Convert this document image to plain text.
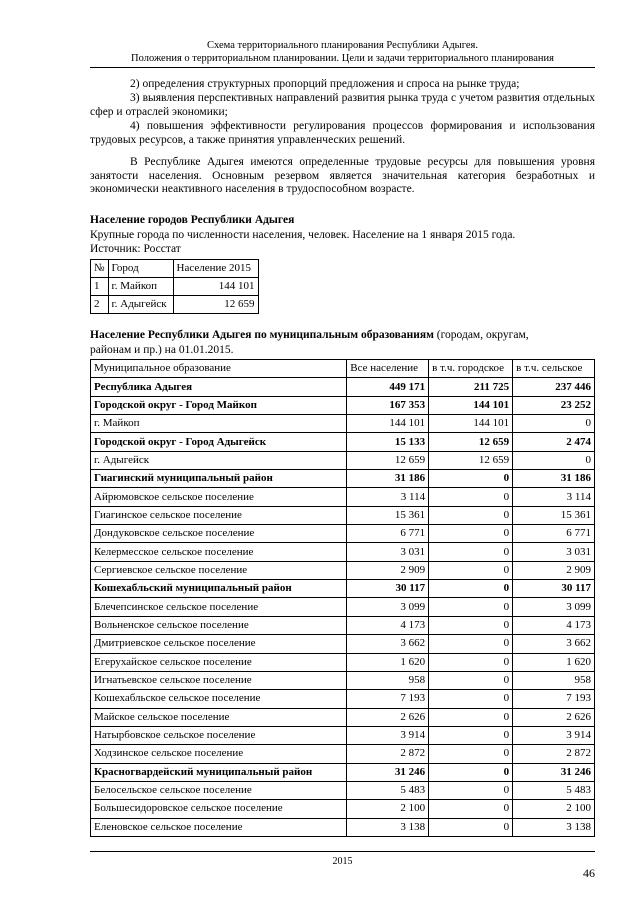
Схема территориального планирования Республики Адыгея.
Положения о территориальном планировании. Цели и задачи территориального планирования
2) определения структурных пропорций предложения и спроса на рынке труда;
3) выявления перспективных направлений развития рынка труда с учетом развития отдельных сфер и отраслей экономики;
4) повышения эффективности регулирования процессов формирования и использования трудовых ресурсов, а также принятия управленческих решений.
В Республике Адыгея имеются определенные трудовые ресурсы для повышения уровня занятости населения. Основным резервом является значительная категория безработных и экономически неактивного населения в трудоспособном возрасте.
Население городов Республики Адыгея
Крупные города по численности населения, человек. Население на 1 января 2015 года.
Источник: Росстат
№	Город	Население 2015
1	г. Майкоп	144 101
2	г. Адыгейск	12 659
Население Республики Адыгея по муниципальным образованиям (городам, округам,
районам и пр.) на 01.01.2015.
Муниципальное образование	Все население	в т.ч. городское	в т.ч. сельское
Республика Адыгея	449 171	211 725	237 446
Городской округ - Город Майкоп	167 353	144 101	23 252
г. Майкоп	144 101	144 101	0
Городской округ - Город Адыгейск	15 133	12 659	2 474
г. Адыгейск	12 659	12 659	0
Гиагинский муниципальный район	31 186	0	31 186
Айрюмовское сельское поселение	3 114	0	3 114
Гиагинское сельское поселение	15 361	0	15 361
Дондуковское сельское поселение	6 771	0	6 771
Келермесское сельское поселение	3 031	0	3 031
Сергиевское сельское поселение	2 909	0	2 909
Кошехабльский муниципальный район	30 117	0	30 117
Блечепсинское сельское поселение	3 099	0	3 099
Вольненское сельское поселение	4 173	0	4 173
Дмитриевское сельское поселение	3 662	0	3 662
Егерухайское сельское поселение	1 620	0	1 620
Игнатьевское сельское поселение	958	0	958
Кошехабльское сельское поселение	7 193	0	7 193
Майское сельское поселение	2 626	0	2 626
Натырбовское сельское поселение	3 914	0	3 914
Ходзинское сельское поселение	2 872	0	2 872
Красногвардейский муниципальный район	31 246	0	31 246
Белосельское сельское поселение	5 483	0	5 483
Большесидоровское сельское поселение	2 100	0	2 100
Еленовское сельское поселение	3 138	0	3 138
2015
46
